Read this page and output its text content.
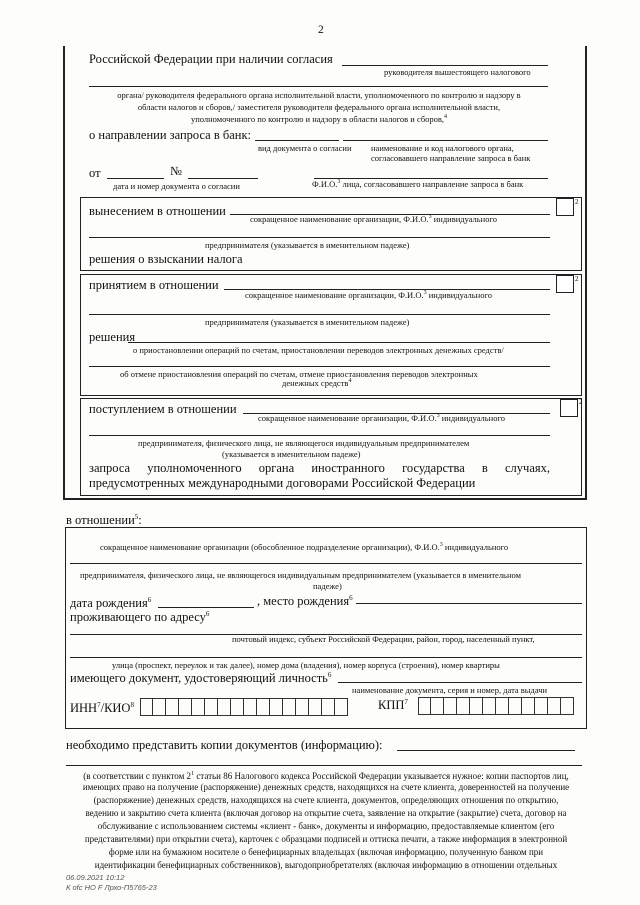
2
Российской Федерации при наличии согласия
руководителя вышестоящего налогового
органа/ руководителя федерального органа исполнительной власти, уполномоченного по контролю и надзору в
области налогов и сборов,/ заместителя руководителя федерального органа исполнительной власти,
уполномоченного по контролю и надзору в области налогов и сборов,$^4$
о направлении запроса в банк:
вид документа о согласии наименование и код налогового органа,
согласовавшего направление запроса в банк
от	№
дата и номер документа о согласии	Ф.И.О.$^3$ лица, согласовавшего направление запроса в банк
вынесением в отношении
2
сокращенное наименование организации, Ф.И.О.$^3$ индивидуального
предпринимателя (указывается в именительном падеже)
решения о взыскании налога
принятием в отношении	2
сокращенное наименование организации, Ф.И.О.$^3$ индивидуального
предпринимателя (указывается в именительном падеже)
решения
о приостановлении операций по счетам, приостановлении переводов электронных денежных средств/
об отмене приостановления операций по счетам, отмене приостановления переводов электронных
денежных средств$^4$
поступлением в отношении	2
сокращенное наименование организации, Ф.И.О.$^3$ индивидуального
предпринимателя, физического лица, не являющегося индивидуальным предпринимателем
(указывается в именительном падеже)
запроса уполномоченного органа иностранного государства в случаях,
предусмотренных международными договорами Российской Федерации
в отношении$^5$:
сокращенное наименование организации (обособленное подразделение организации), Ф.И.О.$^3$ индивидуального
предпринимателя, физического лица, не являющегося индивидуальным предпринимателем (указывается в именительном
падеже)
дата рождения$^6$	, место рождения$^6$
проживающего по адресу$^6$
почтовый индекс, субъект Российской Федерации, район, город, населенный пункт,
улица (проспект, переулок и так далее), номер дома (владения), номер корпуса (строения), номер квартиры
имеющего документ, удостоверяющий личность$^6$
наименование документа, серия и номер, дата выдачи
ИНН$^7$/КИО$^8$	КПП$^7$
необходимо представить копии документов (информацию):
(в соответствии с пунктом $2^1$ статьи 86 Налогового кодекса Российской Федерации указывается нужное: копии паспортов лиц,
имеющих право на получение (распоряжение) денежных средств, находящихся на счете клиента, доверенностей на получение
(распоряжение) денежных средств, находящихся на счете клиента, документов, определяющих отношения по открытию,
ведению и закрытию счета клиента (включая договор на открытие счета, заявление на открытие (закрытие) счета, договор на
обслуживание с использованием системы «клиент - банк», документы и информацию, предоставляемые клиентом (его
представителями) при открытии счета), карточек с образцами подписей и оттиска печати, а также информация в электронной
форме или на бумажном носителе о бенефициарных владельцах (включая информацию, полученную банком при
идентификации бенефициарных собственников), выгодоприобретателях (включая информацию в отношении отдельных
06.09.2021 10:12
К ofc НО F Лрхо-П5765-23
